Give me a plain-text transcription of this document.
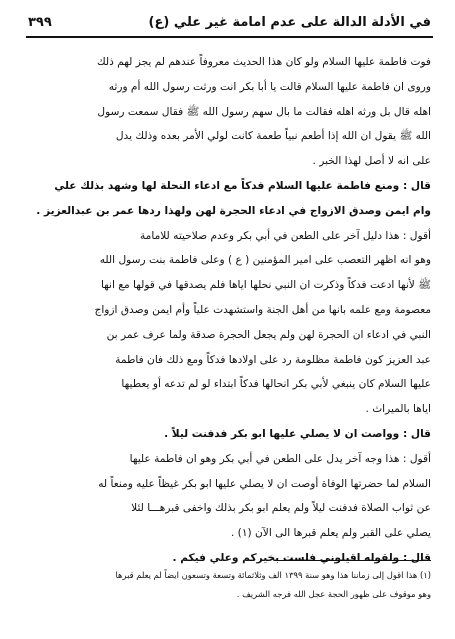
في الأدلة الدالة على عدم امامة غير علي (ع)
٣٩٩
فوت فاطمة عليها السلام ولو كان هذا الحديث معروفاً عندهم لم يجز لهم ذلك
وروى ان فاطمة عليها السلام قالت يا أبا بكر انت ورثت رسول الله أم ورثه
اهله قال بل ورثه اهله فقالت ما بال سهم رسول الله ﷺ فقال سمعت رسول
الله ﷺ يقول ان الله إذا أطعم نبياً طعمة كانت لولي الأمر بعده وذلك يدل
على انه لا أصل لهذا الخبر .
قال : ومنع فاطمة عليها السلام فدكاً مع ادعاء النحلة لها وشهد بذلك علي
وام ايمن وصدق الازواج في ادعاء الحجرة لهن ولهذا ردها عمر بن عبدالعزيز .
أقول : هذا دليل آخر على الطعن في أبي بكر وعدم صلاحيته للامامة
وهو انه اظهر التعصب على امير المؤمنين ( ع ) وعلى فاطمة بنت رسول الله
ﷺ لأنها ادعت فدكاً وذكرت ان النبي نحلها اياها فلم يصدقها في قولها مع انها
معصومة ومع علمه بانها من أهل الجنة واستشهدت علياً وأم ايمن وصدق ازواج
النبي في ادعاء ان الحجرة لهن ولم يجعل الحجرة صدقة ولما عرف عمر بن
عبد العزيز كون فاطمة مظلومة رد على اولادها فدكاً ومع ذلك فان فاطمة
عليها السلام كان ينبغي لأبي بكر انحالها فدكاً ابتداء لو لم تدعه أو يعطيها
اياها بالميراث .
قال : وواصت ان لا يصلي عليها ابو بكر فدفنت ليلاً .
أقول : هذا وجه آخر يدل على الطعن في أبي بكر وهو ان فاطمة عليها
السلام لما حضرتها الوفاة أوصت ان لا يصلي عليها ابو بكر غيظاً عليه ومنعاً له
عن ثواب الصلاة فدفنت ليلاً ولم يعلم ابو بكر بذلك واخفى قبرهـــا لئلا
يصلي على القبر ولم يعلم قبرها الى الآن (١) .
قال : ولقوله اقيلوني فلست بخيركم وعلي فيكم .
(١) هذا اقول إلى زماننا هذا وهو سنة ١٣٩٩ الف وثلاثمائة وتسعة وتسعون ايضاً لم يعلم قبرها
وهو موقوف على ظهور الحجة عجل الله فرجه الشريف .
